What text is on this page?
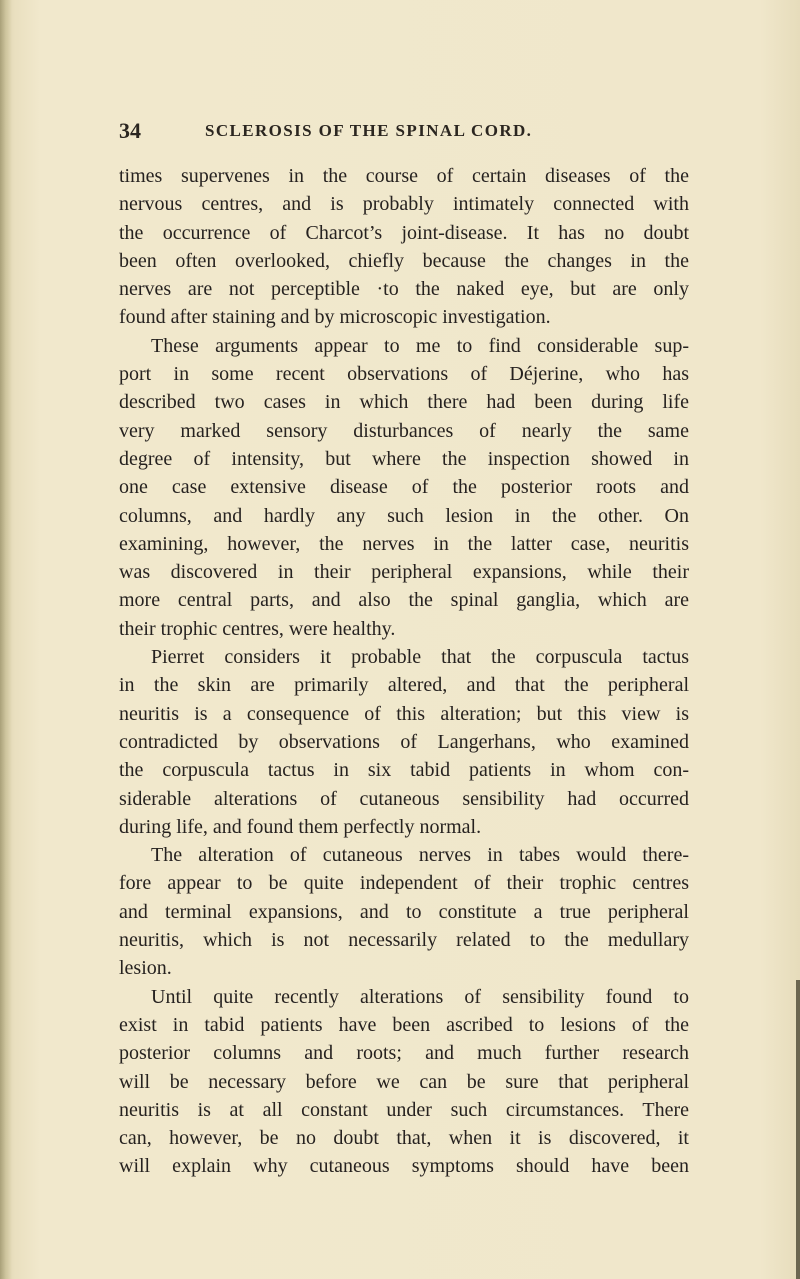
34	SCLEROSIS OF THE SPINAL CORD.
times supervenes in the course of certain diseases of the
nervous centres, and is probably intimately connected with
the occurrence of Charcot’s joint-disease. It has no doubt
been often overlooked, chiefly because the changes in the
nerves are not perceptible ·to the naked eye, but are only
found after staining and by microscopic investigation.
These arguments appear to me to find considerable sup-
port in some recent observations of Déjerine, who has
described two cases in which there had been during life
very marked sensory disturbances of nearly the same
degree of intensity, but where the inspection showed in
one case extensive disease of the posterior roots and
columns, and hardly any such lesion in the other. On
examining, however, the nerves in the latter case, neuritis
was discovered in their peripheral expansions, while their
more central parts, and also the spinal ganglia, which are
their trophic centres, were healthy.
Pierret considers it probable that the corpuscula tactus
in the skin are primarily altered, and that the peripheral
neuritis is a consequence of this alteration; but this view is
contradicted by observations of Langerhans, who examined
the corpuscula tactus in six tabid patients in whom con-
siderable alterations of cutaneous sensibility had occurred
during life, and found them perfectly normal.
The alteration of cutaneous nerves in tabes would there-
fore appear to be quite independent of their trophic centres
and terminal expansions, and to constitute a true peripheral
neuritis, which is not necessarily related to the medullary
lesion.
Until quite recently alterations of sensibility found to
exist in tabid patients have been ascribed to lesions of the
posterior columns and roots; and much further research
will be necessary before we can be sure that peripheral
neuritis is at all constant under such circumstances. There
can, however, be no doubt that, when it is discovered, it
will explain why cutaneous symptoms should have been
